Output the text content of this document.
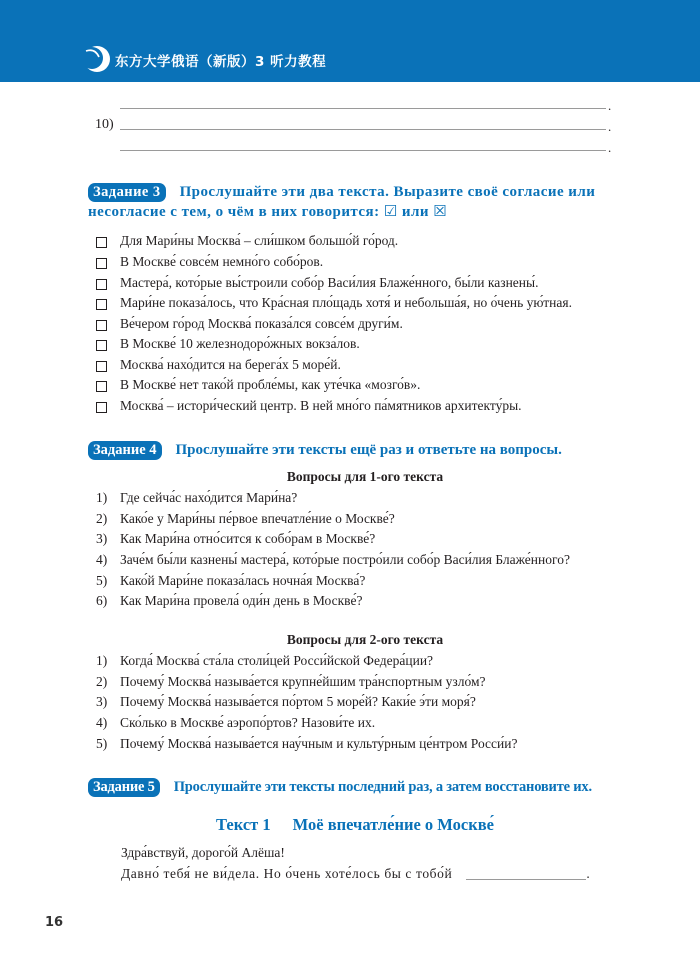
东方大学俄语（新版）3 听力教程
.
10)	.
.
Задание 3 Прослушайте эти два текста. Выразите своё согласие или несогласие с тем, о чём в них говорится: ☑ или ☒
Для Мари́ны Москва́ – сли́шком большо́й го́род.
В Москве́ совсе́м немно́го собо́ров.
Мастера́, кото́рые вы́строили собо́р Васи́лия Блаже́нного, бы́ли казнены́.
Мари́не показа́лось, что Кра́сная пло́щадь хотя́ и небольша́я, но о́чень ую́тная.
Ве́чером го́род Москва́ показа́лся совсе́м други́м.
В Москве́ 10 железнодоро́жных вокза́лов.
Москва́ нахо́дится на берега́х 5 море́й.
В Москве́ нет тако́й пробле́мы, как уте́чка «мозго́в».
Москва́ – истори́ческий центр. В ней мно́го па́мятников архитекту́ры.
Задание 4 Прослушайте эти тексты ещё раз и ответьте на вопросы.
Вопросы для 1-ого текста
1) Где сейча́с нахо́дится Мари́на?
2) Како́е у Мари́ны пе́рвое впечатле́ние о Москве́?
3) Как Мари́на отно́сится к собо́рам в Москве́?
4) Заче́м бы́ли казнены́ мастера́, кото́рые постро́или собо́р Васи́лия Блаже́нного?
5) Како́й Мари́не показа́лась ночна́я Москва́?
6) Как Мари́на провела́ оди́н день в Москве́?
Вопросы для 2-ого текста
1) Когда́ Москва́ ста́ла столи́цей Росси́йской Федера́ции?
2) Почему́ Москва́ называ́ется крупне́йшим тра́нспортным узло́м?
3) Почему́ Москва́ называ́ется по́ртом 5 море́й? Каки́е э́ти моря́?
4) Ско́лько в Москве́ аэропо́ртов? Назови́те их.
5) Почему́ Москва́ называ́ется нау́чным и культу́рным це́нтром Росси́и?
Задание 5 Прослушайте эти тексты последний раз, а затем восстановите их.
Текст 1 Моё впечатле́ние о Москве́
Здра́вствуй, дорого́й Алёша!
Давно́ тебя́ не ви́дела. Но о́чень хоте́лось бы с тобо́й	.
16
